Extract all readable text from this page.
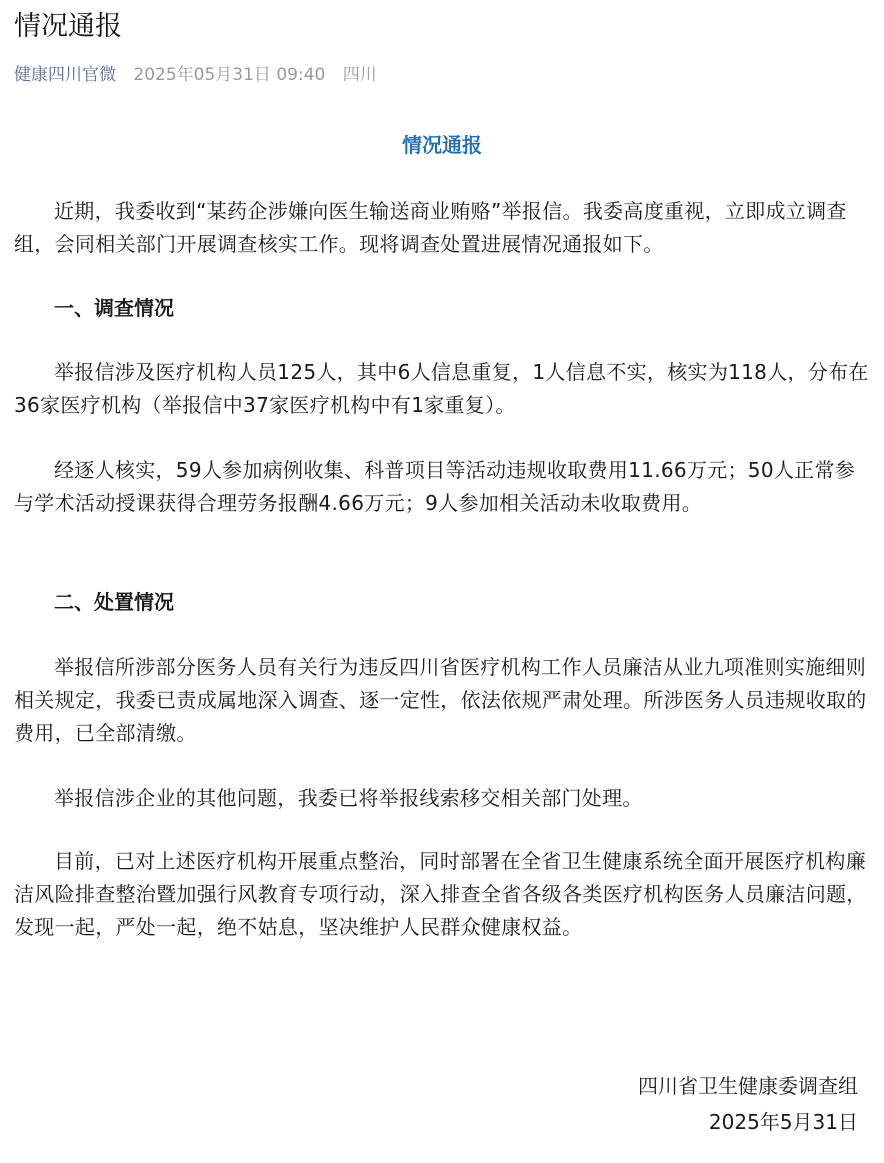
情况通报
健康四川官微 2025年05月31日 09:40 四川
情况通报

近期，我委收到“某药企涉嫌向医生输送商业贿赂”举报信。我委高度重视，立即成立调查组，会同相关部门开展调查核实工作。现将调查处置进展情况通报如下。

一、调查情况

举报信涉及医疗机构人员125人，其中6人信息重复，1人信息不实，核实为118人，分布在36家医疗机构（举报信中37家医疗机构中有1家重复）。

经逐人核实，59人参加病例收集、科普项目等活动违规收取费用11.66万元；50人正常参与学术活动授课获得合理劳务报酬4.66万元；9人参加相关活动未收取费用。

二、处置情况

举报信所涉部分医务人员有关行为违反四川省医疗机构工作人员廉洁从业九项准则实施细则相关规定，我委已责成属地深入调查、逐一定性，依法依规严肃处理。所涉医务人员违规收取的费用，已全部清缴。

举报信涉企业的其他问题，我委已将举报线索移交相关部门处理。

目前，已对上述医疗机构开展重点整治，同时部署在全省卫生健康系统全面开展医疗机构廉洁风险排查整治暨加强行风教育专项行动，深入排查全省各级各类医疗机构医务人员廉洁问题，发现一起，严处一起，绝不姑息，坚决维护人民群众健康权益。

四川省卫生健康委调查组
2025年5月31日
